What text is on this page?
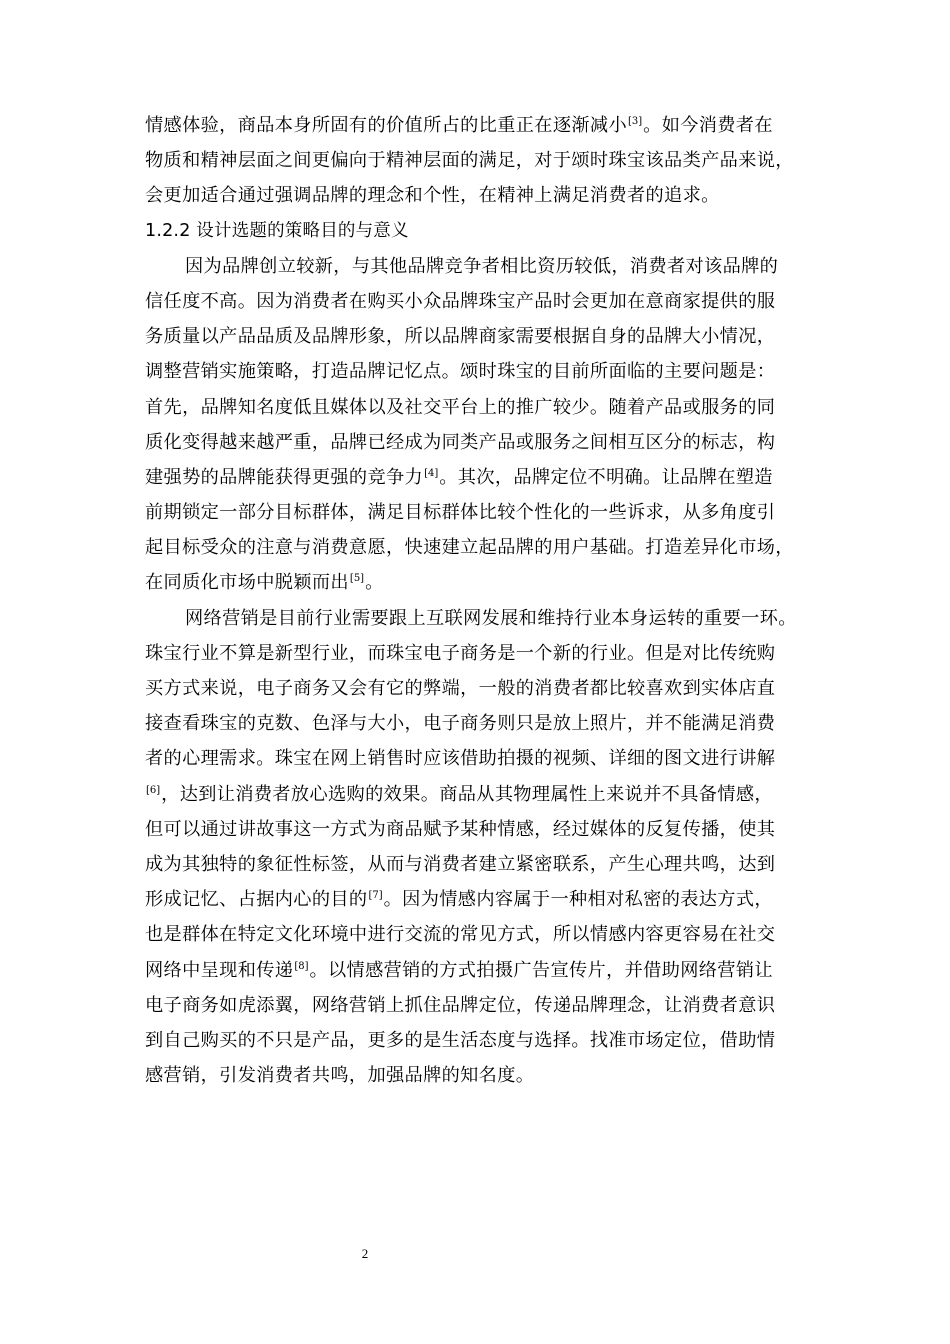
情感体验，商品本身所固有的价值所占的比重正在逐渐减小[3]。如今消费者在
物质和精神层面之间更偏向于精神层面的满足，对于颂时珠宝该品类产品来说，
会更加适合通过强调品牌的理念和个性，在精神上满足消费者的追求。
1.2.2 设计选题的策略目的与意义
因为品牌创立较新，与其他品牌竞争者相比资历较低，消费者对该品牌的
信任度不高。因为消费者在购买小众品牌珠宝产品时会更加在意商家提供的服
务质量以产品品质及品牌形象，所以品牌商家需要根据自身的品牌大小情况，
调整营销实施策略，打造品牌记忆点。颂时珠宝的目前所面临的主要问题是：
首先，品牌知名度低且媒体以及社交平台上的推广较少。随着产品或服务的同
质化变得越来越严重，品牌已经成为同类产品或服务之间相互区分的标志，构
建强势的品牌能获得更强的竞争力[4]。其次，品牌定位不明确。让品牌在塑造
前期锁定一部分目标群体，满足目标群体比较个性化的一些诉求，从多角度引
起目标受众的注意与消费意愿，快速建立起品牌的用户基础。打造差异化市场，
在同质化市场中脱颖而出[5]。
网络营销是目前行业需要跟上互联网发展和维持行业本身运转的重要一环。
珠宝行业不算是新型行业，而珠宝电子商务是一个新的行业。但是对比传统购
买方式来说，电子商务又会有它的弊端，一般的消费者都比较喜欢到实体店直
接查看珠宝的克数、色泽与大小，电子商务则只是放上照片，并不能满足消费
者的心理需求。珠宝在网上销售时应该借助拍摄的视频、详细的图文进行讲解
[6]，达到让消费者放心选购的效果。商品从其物理属性上来说并不具备情感，
但可以通过讲故事这一方式为商品赋予某种情感，经过媒体的反复传播，使其
成为其独特的象征性标签，从而与消费者建立紧密联系，产生心理共鸣，达到
形成记忆、占据内心的目的[7]。因为情感内容属于一种相对私密的表达方式，
也是群体在特定文化环境中进行交流的常见方式，所以情感内容更容易在社交
网络中呈现和传递[8]。以情感营销的方式拍摄广告宣传片，并借助网络营销让
电子商务如虎添翼，网络营销上抓住品牌定位，传递品牌理念，让消费者意识
到自己购买的不只是产品，更多的是生活态度与选择。找准市场定位，借助情
感营销，引发消费者共鸣，加强品牌的知名度。
2
